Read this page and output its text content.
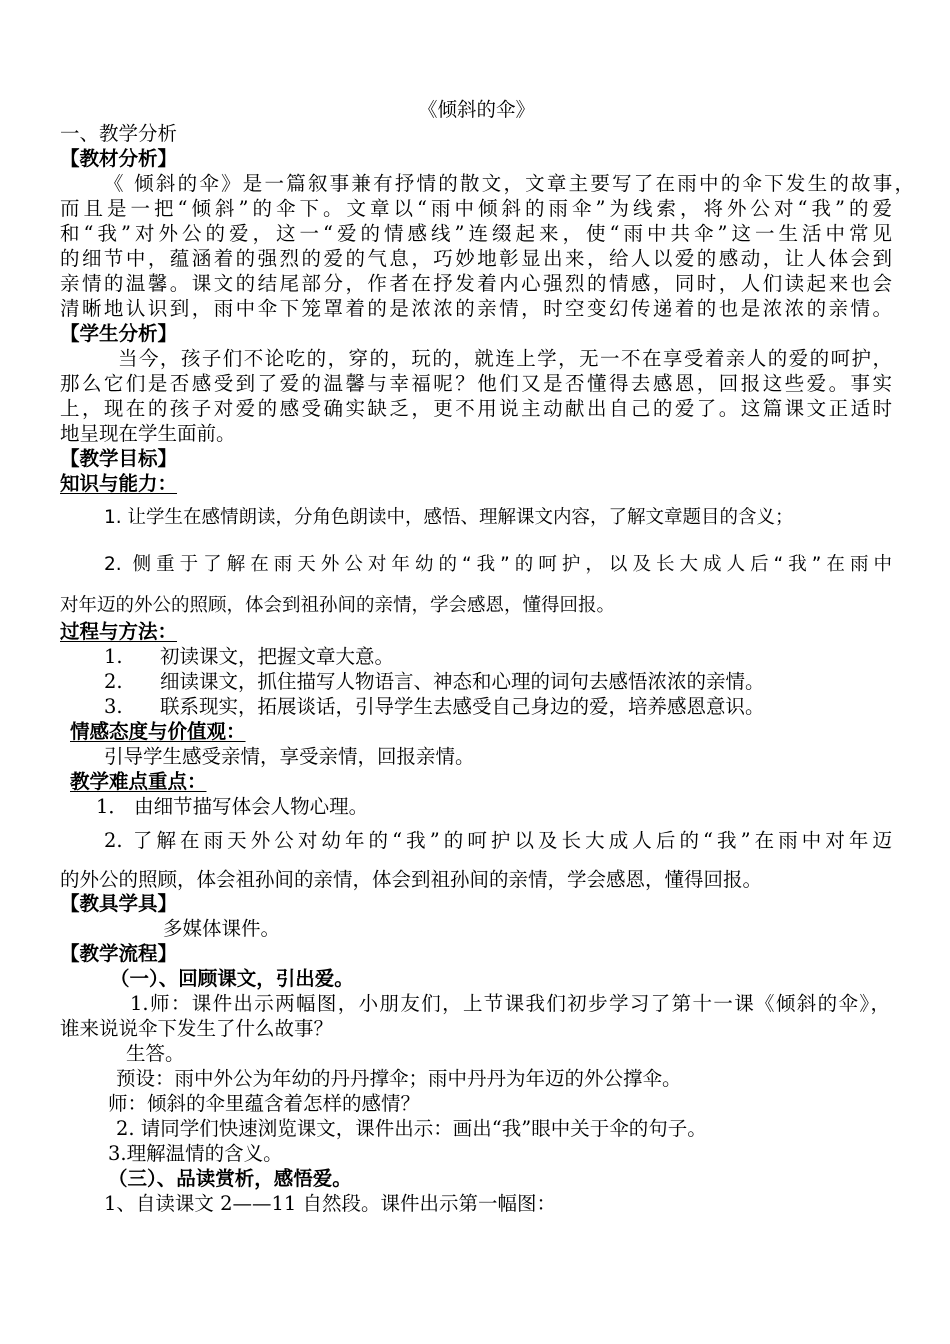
《倾斜的伞》
一、教学分析
【教材分析】
《 倾斜的伞》是一篇叙事兼有抒情的散文，文章主要写了在雨中的伞下发生的故事，
而且是一把“倾斜”的伞下。文章以“雨中倾斜的雨伞”为线索，将外公对“我”的爱
和“我”对外公的爱，这一“爱的情感线”连缀起来，使“雨中共伞”这一生活中常见
的细节中，蕴涵着的强烈的爱的气息，巧妙地彰显出来，给人以爱的感动，让人体会到
亲情的温馨。课文的结尾部分，作者在抒发着内心强烈的情感，同时，人们读起来也会
清晰地认识到，雨中伞下笼罩着的是浓浓的亲情，时空变幻传递着的也是浓浓的亲情。
【学生分析】
当今，孩子们不论吃的，穿的，玩的，就连上学，无一不在享受着亲人的爱的呵护，
那么它们是否感受到了爱的温馨与幸福呢？他们又是否懂得去感恩，回报这些爱。事实
上，现在的孩子对爱的感受确实缺乏，更不用说主动献出自己的爱了。这篇课文正适时
地呈现在学生面前。
【教学目标】
知识与能力：
1. 让学生在感情朗读，分角色朗读中，感悟、理解课文内容，了解文章题目的含义；
2. 侧重于了解在雨天外公对年幼的“我”的呵护，以及长大成人后“我”在雨中
对年迈的外公的照顾，体会到祖孙间的亲情，学会感恩，懂得回报。
过程与方法：
1. 初读课文，把握文章大意。
2. 细读课文，抓住描写人物语言、神态和心理的词句去感悟浓浓的亲情。
3. 联系现实，拓展谈话，引导学生去感受自己身边的爱，培养感恩意识。
情感态度与价值观：
引导学生感受亲情，享受亲情，回报亲情。
教学难点重点：
1． 由细节描写体会人物心理。
2. 了解在雨天外公对幼年的“我”的呵护以及长大成人后的“我”在雨中对年迈
的外公的照顾，体会祖孙间的亲情，体会到祖孙间的亲情，学会感恩，懂得回报。
【教具学具】
多媒体课件。
【教学流程】
（一）、回顾课文，引出爱。
1.师：课件出示两幅图，小朋友们，上节课我们初步学习了第十一课《倾斜的伞》，
谁来说说伞下发生了什么故事？
生答。
预设：雨中外公为年幼的丹丹撑伞；雨中丹丹为年迈的外公撑伞。
师：倾斜的伞里蕴含着怎样的感情？
2. 请同学们快速浏览课文，课件出示：画出“我”眼中关于伞的句子。
3.理解温情的含义。
（三）、品读赏析，感悟爱。
1、自读课文 2——11 自然段。课件出示第一幅图：
